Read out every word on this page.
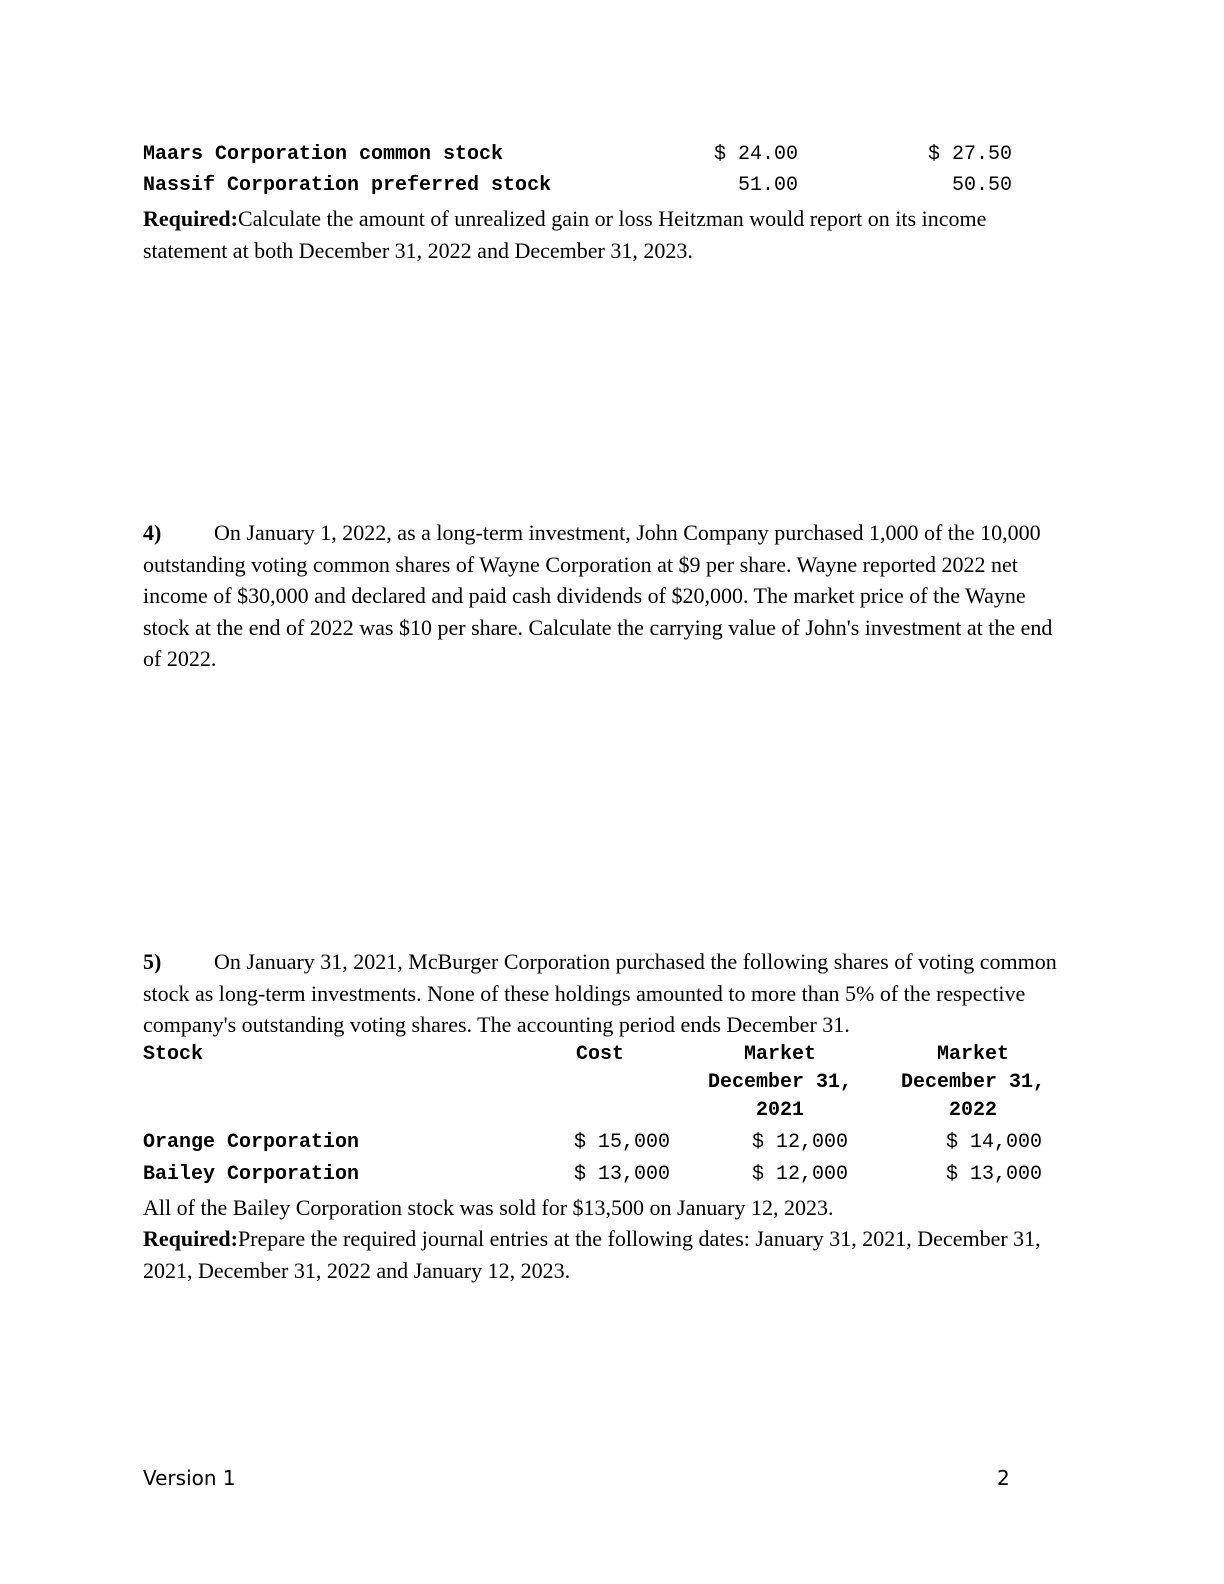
Maars Corporation common stock	$ 24.00	$ 27.50
Nassif Corporation preferred stock	51.00	50.50
Required:Calculate the amount of unrealized gain or loss Heitzman would report on its income statement at both December 31, 2022 and December 31, 2023.
4) On January 1, 2022, as a long-term investment, John Company purchased 1,000 of the 10,000 outstanding voting common shares of Wayne Corporation at $9 per share. Wayne reported 2022 net income of $30,000 and declared and paid cash dividends of $20,000. The market price of the Wayne stock at the end of 2022 was $10 per share. Calculate the carrying value of John's investment at the end of 2022.
5) On January 31, 2021, McBurger Corporation purchased the following shares of voting common stock as long-term investments. None of these holdings amounted to more than 5% of the respective company's outstanding voting shares. The accounting period ends December 31.
Stock	Cost	Market	Market
December 31,	December 31,
2021	2022
Orange Corporation	$ 15,000	$ 12,000	$ 14,000
Bailey Corporation	$ 13,000	$ 12,000	$ 13,000
All of the Bailey Corporation stock was sold for $13,500 on January 12, 2023.
Required:Prepare the required journal entries at the following dates: January 31, 2021, December 31, 2021, December 31, 2022 and January 12, 2023.
Version 1	2
